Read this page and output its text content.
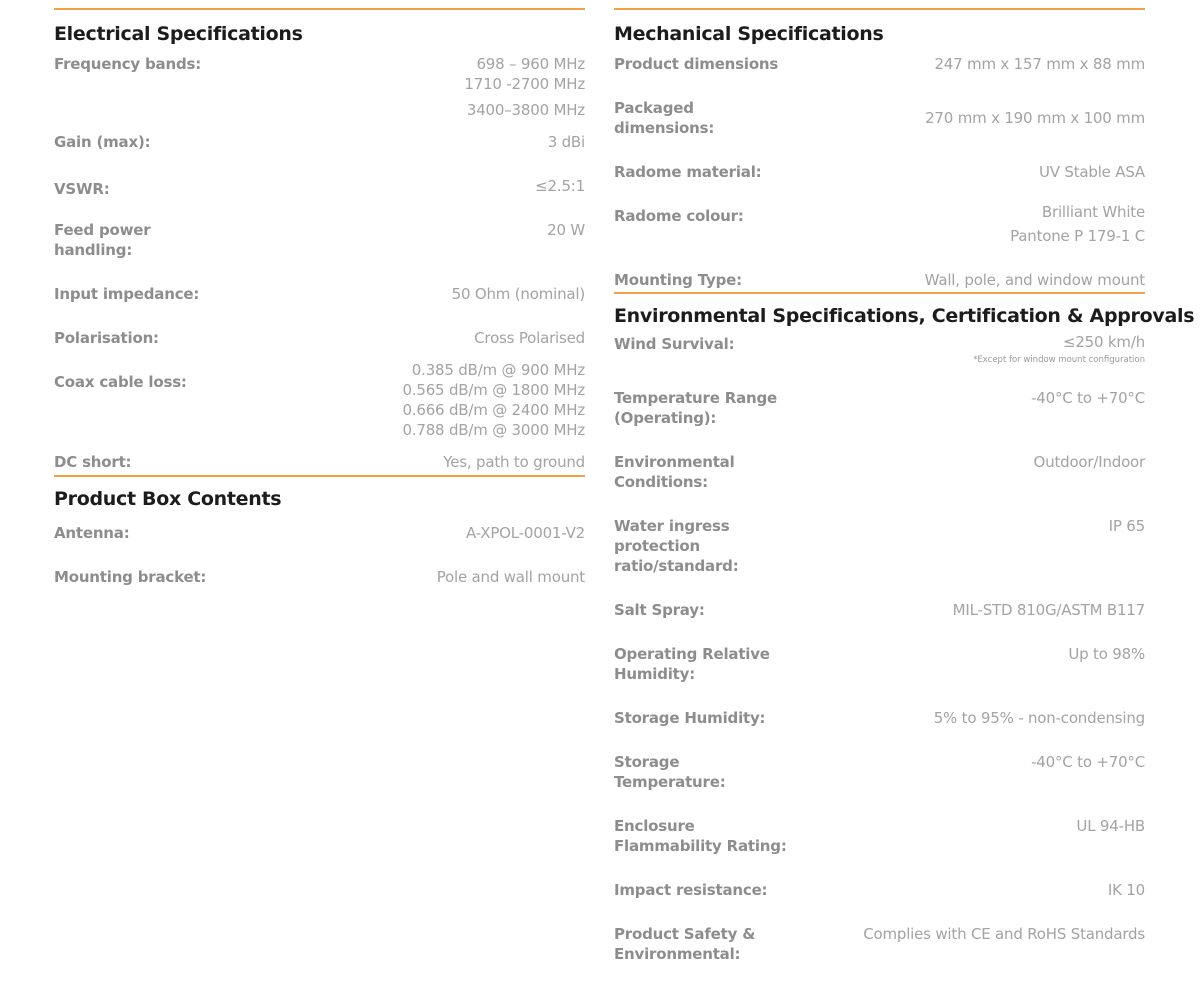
Electrical Specifications
Frequency bands:	698 – 960 MHz
1710 -2700 MHz
3400–3800 MHz
Gain (max):	3 dBi
VSWR:	≤2.5:1
Feed power handling:
20 W
Input impedance:	50 Ohm (nominal)
Polarisation:	Cross Polarised
Coax cable loss:
0.385 dB/m @ 900 MHz
0.565 dB/m @ 1800 MHz
0.666 dB/m @ 2400 MHz
0.788 dB/m @ 3000 MHz
DC short:	Yes, path to ground
Product Box Contents
Antenna:	A-XPOL-0001-V2
Mounting bracket:	Pole and wall mount
Mechanical Specifications
Product dimensions	247 mm x 157 mm x 88 mm
Packaged dimensions:
270 mm x 190 mm x 100 mm
Radome material:	UV Stable ASA
Radome colour:	Brilliant White
Pantone P 179-1 C
Mounting Type:	Wall, pole, and window mount
Environmental Specifications, Certification & Approvals
Wind Survival:	≤250 km/h
*Except for window mount configuration
Temperature Range (Operating):
-40°C to +70°C
Environmental Conditions:
Outdoor/Indoor
Water ingress protection ratio/standard:
IP 65
Salt Spray:	MIL-STD 810G/ASTM B117
Operating Relative Humidity:
Up to 98%
Storage Humidity:	5% to 95% - non-condensing
Storage Temperature:
-40°C to +70°C
Enclosure Flammability Rating:
UL 94-HB
Impact resistance:	IK 10
Product Safety & Environmental:
Complies with CE and RoHS Standards
